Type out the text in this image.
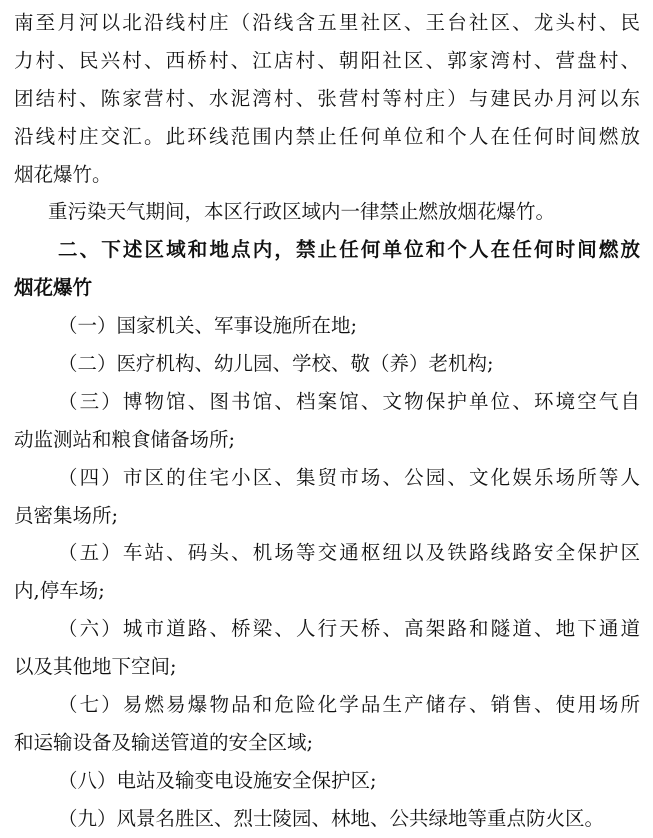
南至月河以北沿线村庄（沿线含五里社区、王台社区、龙头村、民
力村、民兴村、西桥村、江店村、朝阳社区、郭家湾村、营盘村、
团结村、陈家营村、水泥湾村、张营村等村庄）与建民办月河以东
沿线村庄交汇。此环线范围内禁止任何单位和个人在任何时间燃放
烟花爆竹。
重污染天气期间，本区行政区域内一律禁止燃放烟花爆竹。
二、下述区域和地点内，禁止任何单位和个人在任何时间燃放
烟花爆竹
（一）国家机关、军事设施所在地;
（二）医疗机构、幼儿园、学校、敬（养）老机构;
（三）博物馆、图书馆、档案馆、文物保护单位、环境空气自
动监测站和粮食储备场所;
（四）市区的住宅小区、集贸市场、公园、文化娱乐场所等人
员密集场所;
（五）车站、码头、机场等交通枢纽以及铁路线路安全保护区
内,停车场;
（六）城市道路、桥梁、人行天桥、高架路和隧道、地下通道
以及其他地下空间;
（七）易燃易爆物品和危险化学品生产储存、销售、使用场所
和运输设备及输送管道的安全区域;
（八）电站及输变电设施安全保护区;
（九）风景名胜区、烈士陵园、林地、公共绿地等重点防火区。
